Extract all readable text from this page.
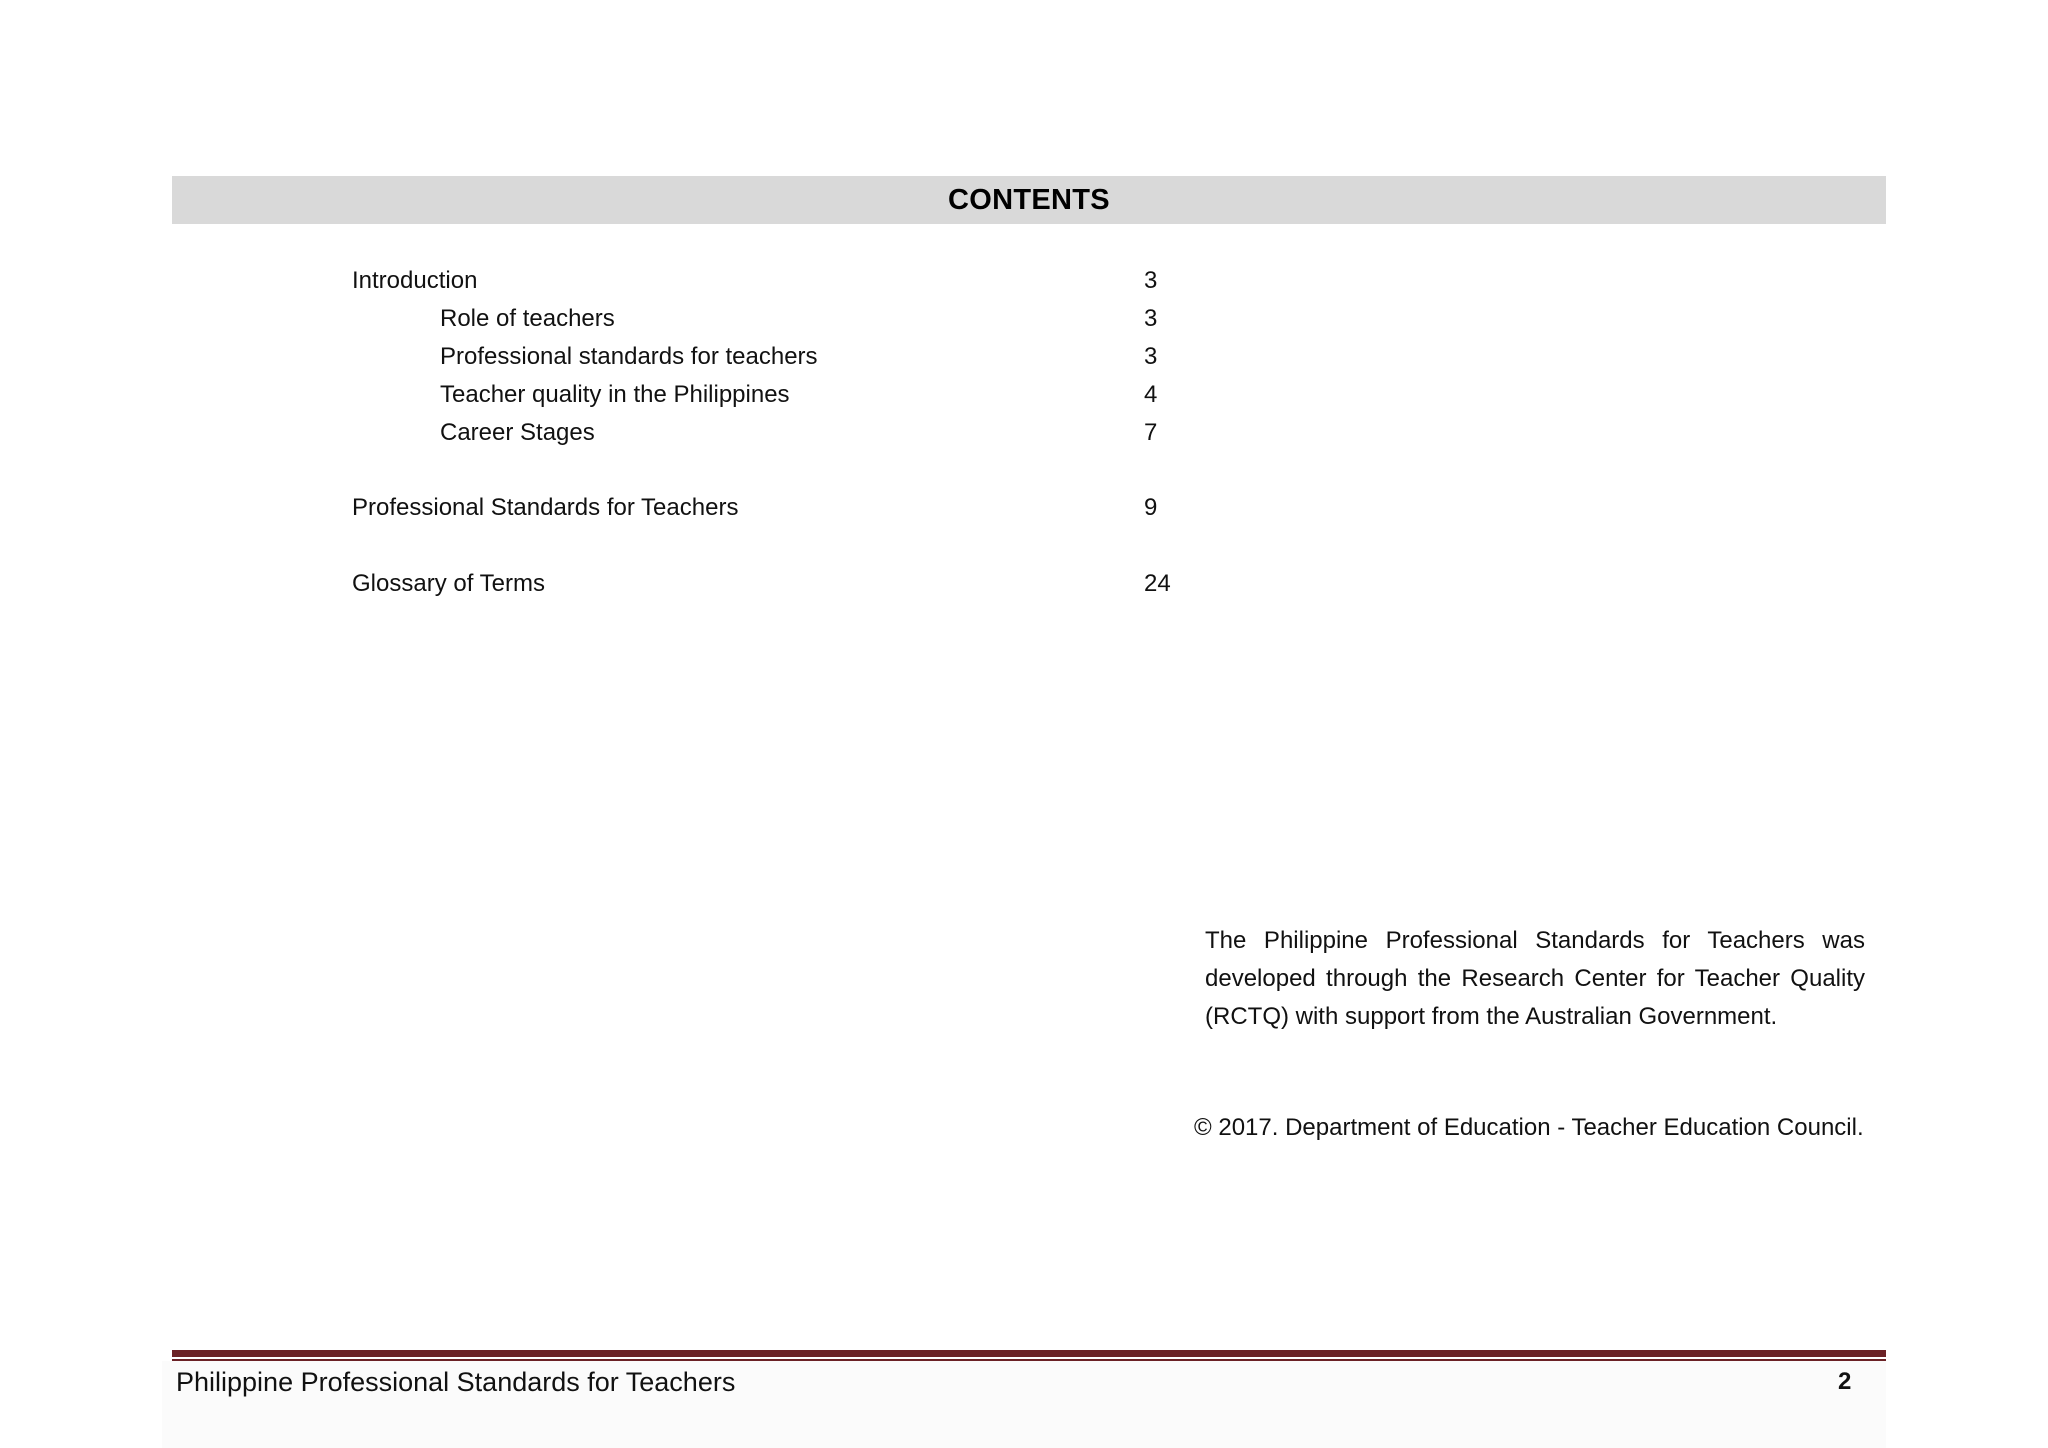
CONTENTS
Introduction	3
Role of teachers	3
Professional standards for teachers	3
Teacher quality in the Philippines	4
Career Stages	7
Professional Standards for Teachers	9
Glossary of Terms	24
The Philippine Professional Standards for Teachers was developed through the Research Center for Teacher Quality (RCTQ) with support from the Australian Government.
© 2017. Department of Education - Teacher Education Council.
Philippine Professional Standards for Teachers	2
